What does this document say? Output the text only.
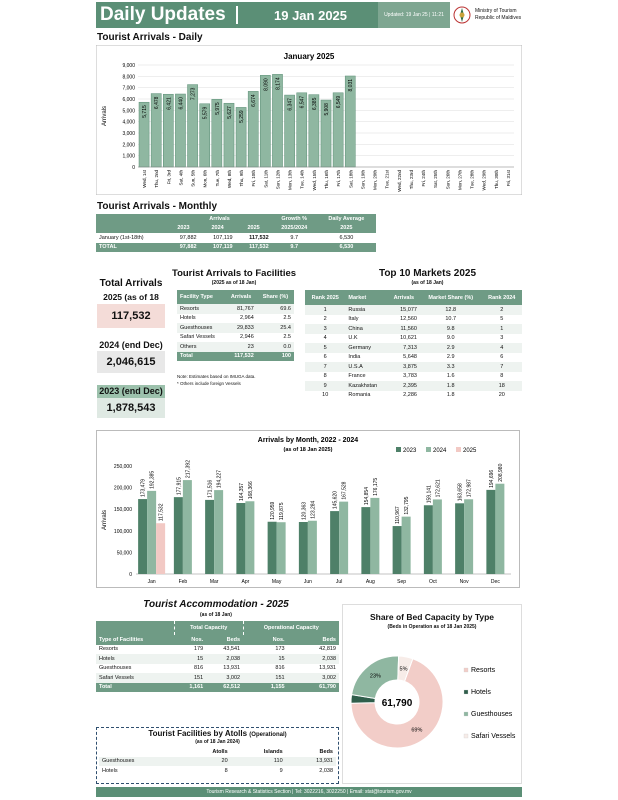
Daily Updates	19 Jan 2025	Updated: 19 Jan 25 | 11:21
Ministry of Tourism
Republic of Maldives
Tourist Arrivals - Daily
January 2025
0
1,000
2,000
3,000
4,000
5,000
6,000
7,000
8,000
9,000
Arrivals	5,715
Wed, 1st
6,478
Thu, 2nd
6,421
Fri, 3rd
6,440
Sat, 4th
7,273
Sun, 5th
5,579
Mon, 6th
5,975
Tue, 7th
5,627
Wed, 8th
5,259
Thu, 9th
6,674
Fri, 10th
8,090
Sat, 11th
8,174
Sun, 12th
6,347
Mon, 13th
6,547
Tue, 14th
6,385
Wed, 15th
5,908
Thu, 16th
6,549
Fri, 17th
8,031
Sat, 18th Sun, 19th Mon, 20th Tue, 21st Wed, 22nd Thu, 23rd Fri, 24th Sat, 25th Sun, 26th Mon, 27th Tue, 28th Wed, 29th Thu, 30th Fri, 31st
Tourist Arrivals - Monthly
	Arrivals			Growth %	Daily Average
	2023	2024	2025	2025/2024	2025
January (1st-18th)	97,882	107,119	117,532	9.7	6,530
TOTAL	97,882	107,119	117,532	9.7	6,530
Total Arrivals
2025 (as of 18
117,532
2024 (end Dec)
2,046,615
2023 (end Dec)
1,878,543
Tourist Arrivals to Facilities
(2025 as of 18 Jan)
Facility Type	Arrivals	Share (%)
Resorts	81,767	69.6
Hotels	2,964	2.5
Guesthouses	29,833	25.4
Safari Vessels	2,946	2.5
Others	23	0.0
Total	117,532	100
Note: Estimates based on IMUGA data.
* Others include foreign Vessels
Top 10 Markets 2025
(as of 18 Jan)
Rank 2025	Market	Arrivals	Market Share (%)	Rank 2024
1	Russia	15,077	12.8	2
2	Italy	12,560	10.7	5
3	China	11,560	9.8	1
4	U.K	10,621	9.0	3
5	Germany	7,313	2.9	4
6	India	5,648	2.9	6
7	U.S.A	3,875	3.3	7
8	France	3,783	1.6	8
9	Kazakhstan	2,395	1.8	18
10	Romania	2,286	1.8	20
Arrivals by Month, 2022 - 2024
(as of 18 Jan 2025)
0
50,000
100,000
150,000
200,000
250,000
Arrivals
2023	2024	2025
Jan
173,479 192,385
117,532
Feb
177,915
217,392
Mar
171,516
194,227
Apr
164,357 168,366
May
120,959 119,875
Jun
120,363 123,284
Jul
145,620
167,528
Aug
154,854
176,175
Sep
110,967
132,795
Oct
159,141 172,621
Nov
163,658 172,987
Dec
194,696 208,980
Tourist Accommodation - 2025
(as of 18 Jan)
	Total Capacity		Operational Capacity	
Type of Facilities	Nos.	Beds	Nos.	Beds
Resorts	179	43,541	173	42,819
Hotels	15	2,038	15	2,038
Guesthouses	816	13,931	816	13,931
Safari Vessels	151	3,002	151	3,002
Total	1,161	62,512	1,155	61,790
Share of Bed Capacity by Type
(Beds in Operation as of 18 Jan 2025)
69%
23%
5%
61,790
Resorts
Hotels
Guesthouses
Safari Vessels
Tourist Facilities by Atolls (Operational)
(as of 18 Jan 2024)
	Atolls	Islands	Beds
Guesthouses	20	110	13,931
Hotels	8	9	2,038
Tourism Research & Statistics Section | Tel: 3022216, 3022250 | Email: stat@tourism.gov.mv
